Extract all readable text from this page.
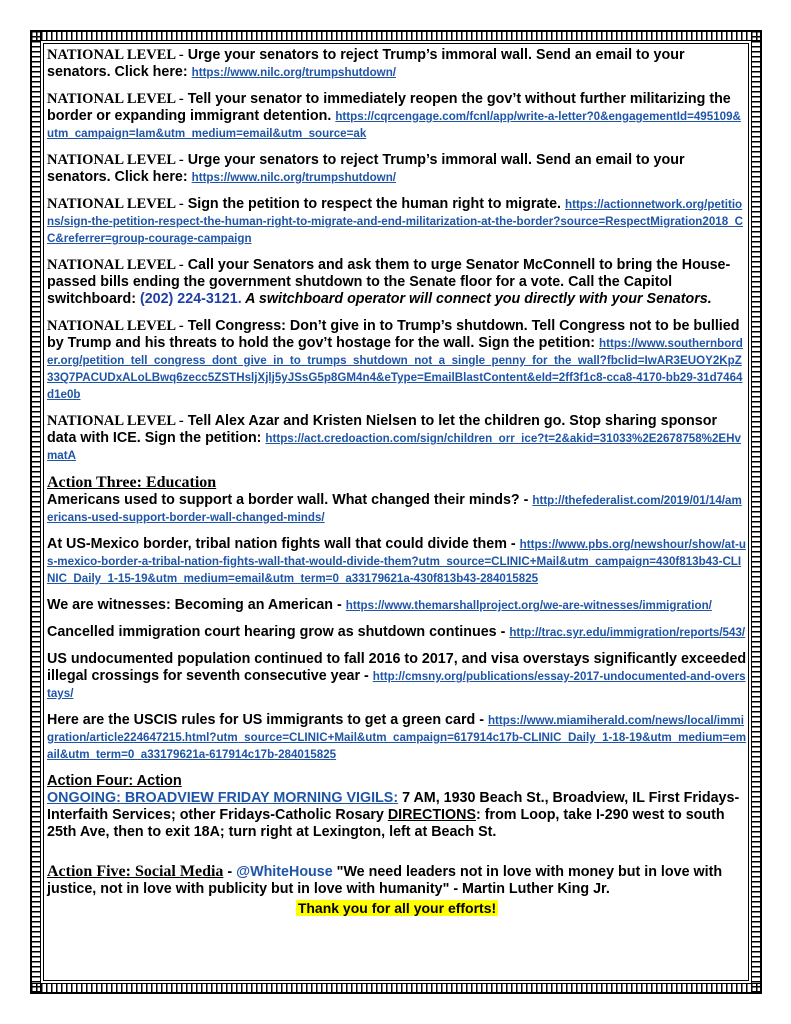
NATIONAL LEVEL - Urge your senators to reject Trump’s immoral wall. Send an email to your senators. Click here: https://www.nilc.org/trumpshutdown/
NATIONAL LEVEL - Tell your senator to immediately reopen the gov’t without further militarizing the border or expanding immigrant detention. https://cqrcengage.com/fcnl/app/write-a-letter?0&engagementId=495109&utm_campaign=Iam&utm_medium=email&utm_source=ak
NATIONAL LEVEL - Urge your senators to reject Trump’s immoral wall. Send an email to your senators. Click here: https://www.nilc.org/trumpshutdown/
NATIONAL LEVEL - Sign the petition to respect the human right to migrate. https://actionnetwork.org/petitions/sign-the-petition-respect-the-human-right-to-migrate-and-end-militarization-at-the-border?source=RespectMigration2018_CC&referrer=group-courage-campaign
NATIONAL LEVEL - Call your Senators and ask them to urge Senator McConnell to bring the House-passed bills ending the government shutdown to the Senate floor for a vote. Call the Capitol switchboard: (202) 224-3121. A switchboard operator will connect you directly with your Senators.
NATIONAL LEVEL - Tell Congress: Don’t give in to Trump’s shutdown. Tell Congress not to be bullied by Trump and his threats to hold the gov’t hostage for the wall. Sign the petition: https://www.southernborder.org/petition_tell_congress_dont_give_in_to_trumps_shutdown_not_a_single_penny_for_the_wall?fbclid=IwAR3EUOY2KpZ33Q7PACUDxALoLBwq6zecc5ZSTHsljXjlj5yJSsG5p8GM4n4&eType=EmailBlastContent&eId=2ff3f1c8-cca8-4170-bb29-31d7464d1e0b
NATIONAL LEVEL - Tell Alex Azar and Kristen Nielsen to let the children go. Stop sharing sponsor data with ICE. Sign the petition: https://act.credoaction.com/sign/children_orr_ice?t=2&akid=31033%2E2678758%2EHvmatA
Action Three: Education
Americans used to support a border wall. What changed their minds? - http://thefederalist.com/2019/01/14/americans-used-support-border-wall-changed-minds/
At US-Mexico border, tribal nation fights wall that could divide them - https://www.pbs.org/newshour/show/at-us-mexico-border-a-tribal-nation-fights-wall-that-would-divide-them?utm_source=CLINIC+Mail&utm_campaign=430f813b43-CLINIC_Daily_1-15-19&utm_medium=email&utm_term=0_a33179621a-430f813b43-284015825
We are witnesses: Becoming an American - https://www.themarshallproject.org/we-are-witnesses/immigration/
Cancelled immigration court hearing grow as shutdown continues - http://trac.syr.edu/immigration/reports/543/
US undocumented population continued to fall 2016 to 2017, and visa overstays significantly exceeded illegal crossings for seventh consecutive year - http://cmsny.org/publications/essay-2017-undocumented-and-overstays/
Here are the USCIS rules for US immigrants to get a green card - https://www.miamiherald.com/news/local/immigration/article224647215.html?utm_source=CLINIC+Mail&utm_campaign=617914c17b-CLINIC_Daily_1-18-19&utm_medium=email&utm_term=0_a33179621a-617914c17b-284015825
Action Four: Action
ONGOING: BROADVIEW FRIDAY MORNING VIGILS: 7 AM, 1930 Beach St., Broadview, IL First Fridays-Interfaith Services; other Fridays-Catholic Rosary DIRECTIONS: from Loop, take I-290 west to south 25th Ave, then to exit 18A; turn right at Lexington, left at Beach St.
Action Five: Social Media - @WhiteHouse "We need leaders not in love with money but in love with justice, not in love with publicity but in love with humanity" - Martin Luther King Jr.
Thank you for all your efforts!
